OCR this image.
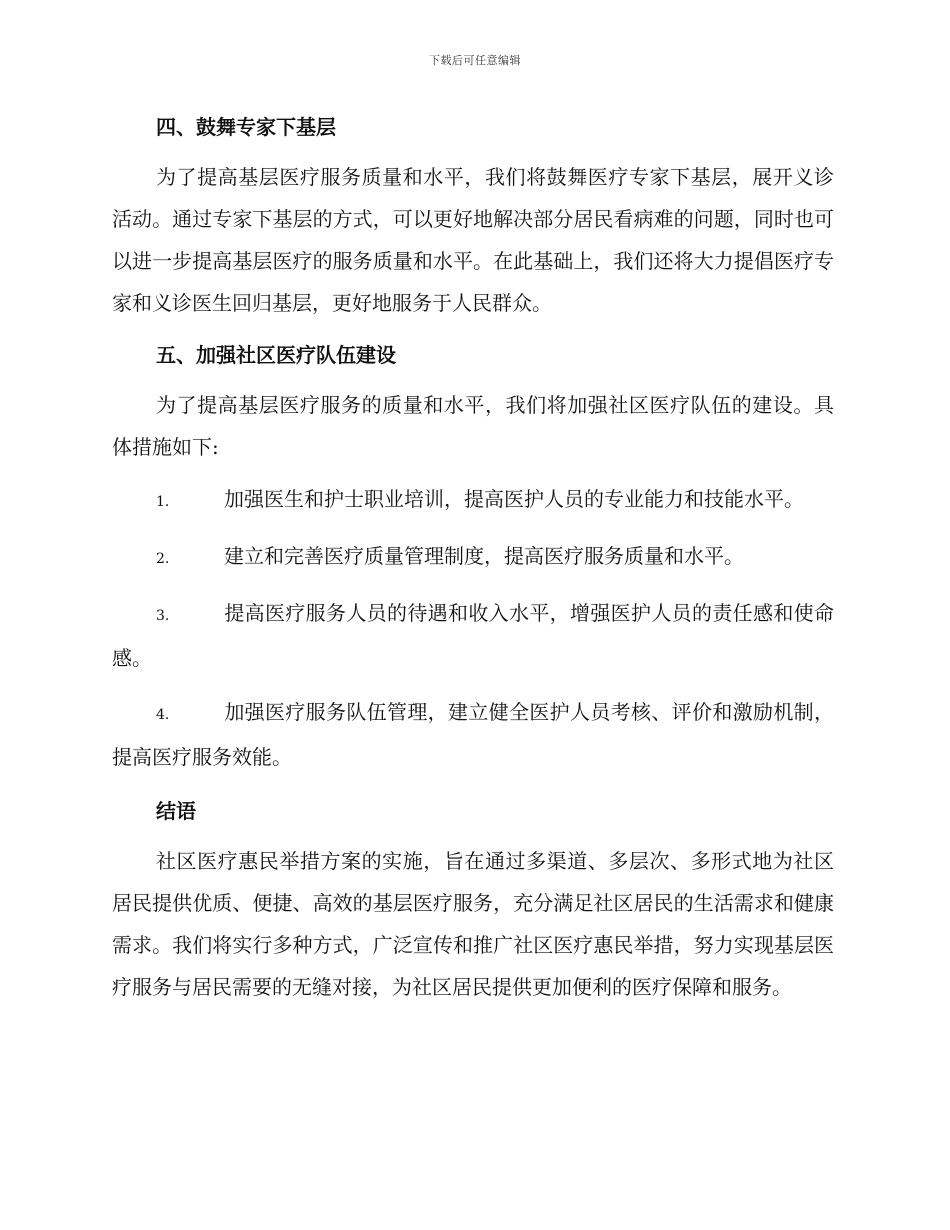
下载后可任意编辑
四、鼓舞专家下基层

为了提高基层医疗服务质量和水平，我们将鼓舞医疗专家下基层，展开义诊活动。通过专家下基层的方式，可以更好地解决部分居民看病难的问题，同时也可以进一步提高基层医疗的服务质量和水平。在此基础上，我们还将大力提倡医疗专家和义诊医生回归基层，更好地服务于人民群众。

五、加强社区医疗队伍建设

为了提高基层医疗服务的质量和水平，我们将加强社区医疗队伍的建设。具体措施如下:

1.	加强医生和护士职业培训，提高医护人员的专业能力和技能水平。
2.	建立和完善医疗质量管理制度，提高医疗服务质量和水平。
3.	提高医疗服务人员的待遇和收入水平，增强医护人员的责任感和使命感。
4.	加强医疗服务队伍管理，建立健全医护人员考核、评价和激励机制，提高医疗服务效能。
结语

社区医疗惠民举措方案的实施，旨在通过多渠道、多层次、多形式地为社区居民提供优质、便捷、高效的基层医疗服务，充分满足社区居民的生活需求和健康需求。我们将实行多种方式，广泛宣传和推广社区医疗惠民举措，努力实现基层医疗服务与居民需要的无缝对接，为社区居民提供更加便利的医疗保障和服务。
